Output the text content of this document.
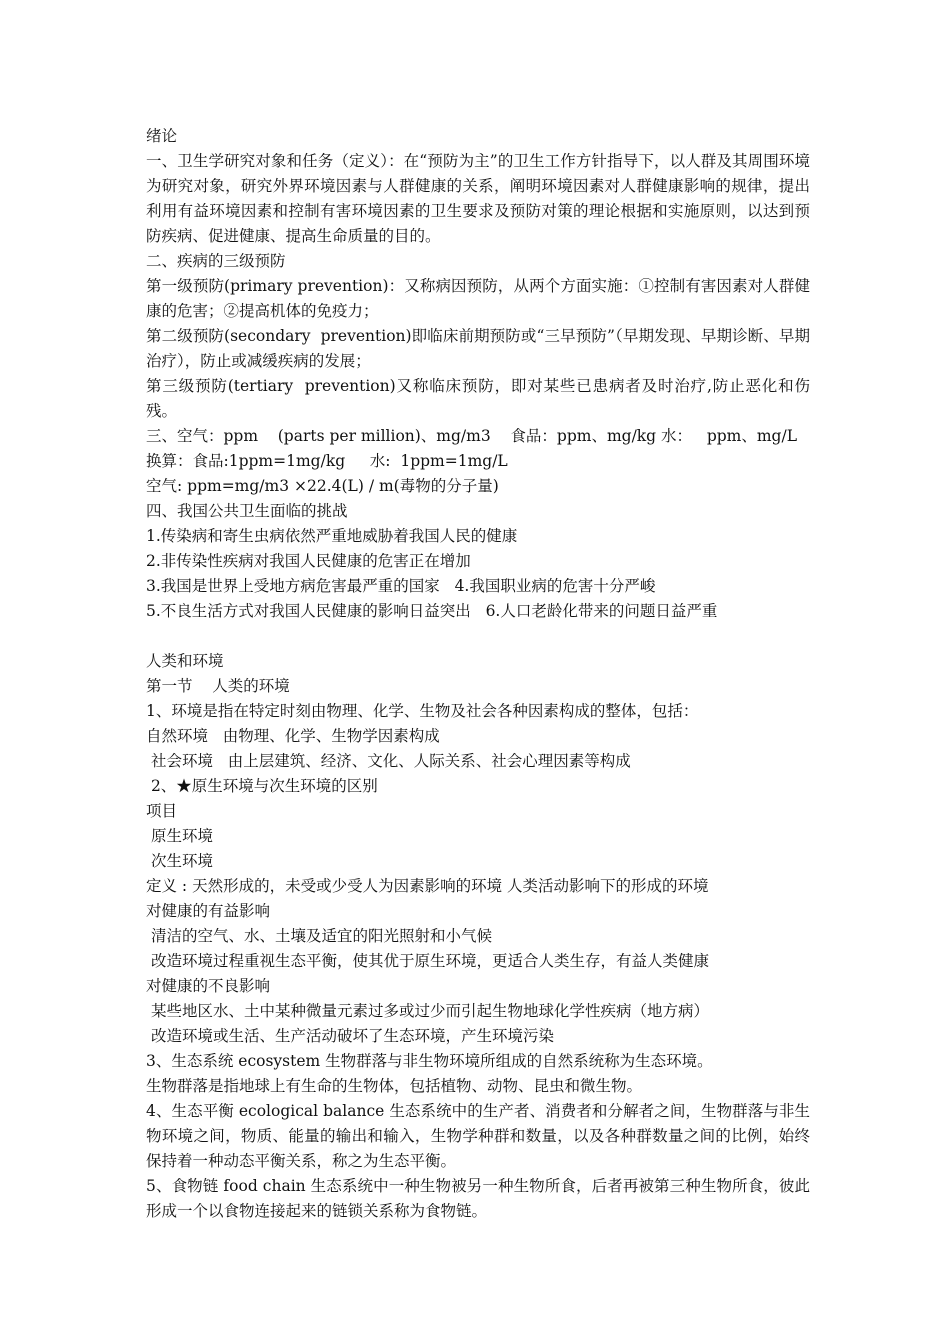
绪论

一、卫生学研究对象和任务（定义）：在“预防为主”的卫生工作方针指导下，以人群及其周围环境为研究对象，研究外界环境因素与人群健康的关系，阐明环境因素对人群健康影响的规律，提出利用有益环境因素和控制有害环境因素的卫生要求及预防对策的理论根据和实施原则，以达到预防疾病、促进健康、提高生命质量的目的。

二、疾病的三级预防

第一级预防(primary prevention)：又称病因预防，从两个方面实施：①控制有害因素对人群健康的危害；②提高机体的免疫力；

第二级预防(secondary  prevention)即临床前期预防或“三早预防”（早期发现、早期诊断、早期治疗），防止或减缓疾病的发展；

第三级预防(tertiary  prevention)又称临床预防，即对某些已患病者及时治疗,防止恶化和伤残。

三、空气：ppm    (parts per million)、mg/m3    食品：ppm、mg/kg 水：   ppm、mg/L

换算：食品:1ppm=1mg/kg     水:  1ppm=1mg/L

空气: ppm=mg/m3 ×22.4(L) / m(毒物的分子量)

四、我国公共卫生面临的挑战

1.传染病和寄生虫病依然严重地威胁着我国人民的健康

2.非传染性疾病对我国人民健康的危害正在增加

3.我国是世界上受地方病危害最严重的国家   4.我国职业病的危害十分严峻

5.不良生活方式对我国人民健康的影响日益突出   6.人口老龄化带来的问题日益严重

人类和环境

第一节    人类的环境

1、环境是指在特定时刻由物理、化学、生物及社会各种因素构成的整体，包括：

自然环境   由物理、化学、生物学因素构成

社会环境   由上层建筑、经济、文化、人际关系、社会心理因素等构成

2、★原生环境与次生环境的区别

项目

原生环境

次生环境

定义 : 天然形成的，未受或少受人为因素影响的环境 人类活动影响下的形成的环境

对健康的有益影响

清洁的空气、水、土壤及适宜的阳光照射和小气候

改造环境过程重视生态平衡，使其优于原生环境，更适合人类生存，有益人类健康

对健康的不良影响

某些地区水、土中某种微量元素过多或过少而引起生物地球化学性疾病（地方病）

改造环境或生活、生产活动破坏了生态环境，产生环境污染

3、生态系统 ecosystem 生物群落与非生物环境所组成的自然系统称为生态环境。

生物群落是指地球上有生命的生物体，包括植物、动物、昆虫和微生物。

4、生态平衡 ecological balance 生态系统中的生产者、消费者和分解者之间，生物群落与非生物环境之间，物质、能量的输出和输入，生物学种群和数量，以及各种群数量之间的比例，始终保持着一种动态平衡关系，称之为生态平衡。

5、食物链 food chain 生态系统中一种生物被另一种生物所食，后者再被第三种生物所食，彼此形成一个以食物连接起来的链锁关系称为食物链。
